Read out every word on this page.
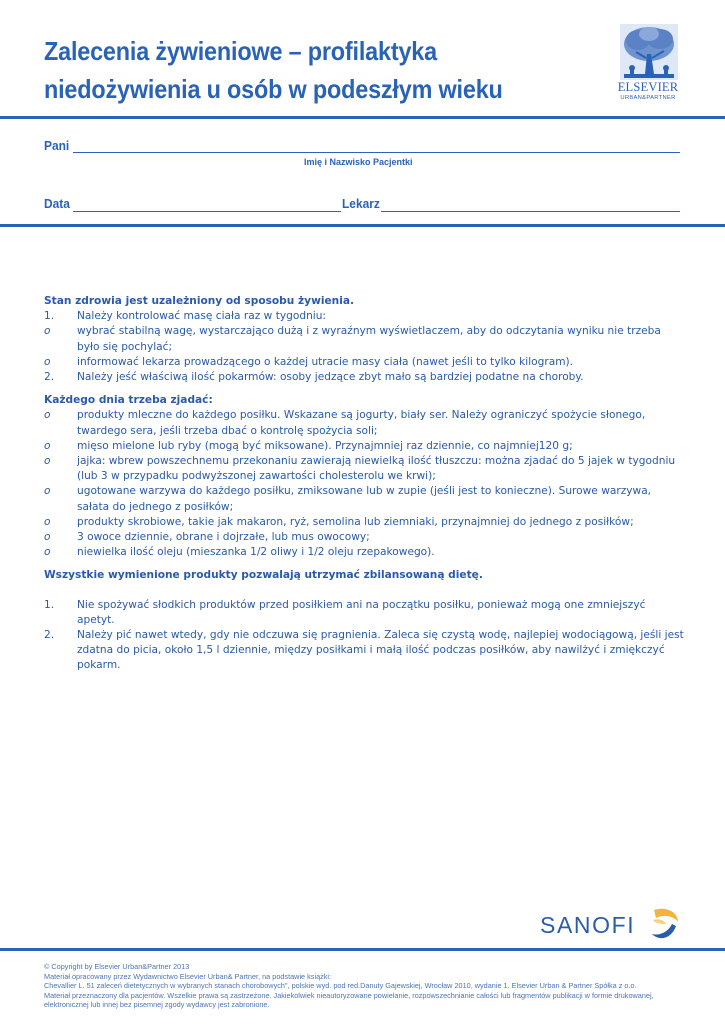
Zalecenia żywieniowe – profilaktyka
niedożywienia u osób w podeszłym wieku	ELSEVIER
URBAN&PARTNER
Pani
Imię i Nazwisko Pacjentki
Data	Lekarz
Stan zdrowia jest uzależniony od sposobu żywienia.
1. Należy kontrolować masę ciała raz w tygodniu:
o	wybrać stabilną wagę, wystarczająco dużą i z wyraźnym wyświetlaczem, aby do odczytania wyniku nie trzeba było się pochylać;
o	informować lekarza prowadzącego o każdej utracie masy ciała (nawet jeśli to tylko kilogram).
2. Należy jeść właściwą ilość pokarmów: osoby jedzące zbyt mało są bardziej podatne na choroby.
Każdego dnia trzeba zjadać:
o	produkty mleczne do każdego posiłku. Wskazane są jogurty, biały ser. Należy ograniczyć spożycie słonego, twardego sera, jeśli trzeba dbać o kontrolę spożycia soli;
o	mięso mielone lub ryby (mogą być miksowane). Przynajmniej raz dziennie, co najmniej120 g;
o	jajka: wbrew powszechnemu przekonaniu zawierają niewielką ilość tłuszczu: można zjadać do 5 jajek w tygodniu (lub 3 w przypadku podwyższonej zawartości cholesterolu we krwi);
o	ugotowane warzywa do każdego posiłku, zmiksowane lub w zupie (jeśli jest to konieczne). Surowe warzywa, sałata do jednego z posiłków;
o	produkty skrobiowe, takie jak makaron, ryż, semolina lub ziemniaki, przynajmniej do jednego z posiłków;
o	3 owoce dziennie, obrane i dojrzałe, lub mus owocowy;
o	niewielka ilość oleju (mieszanka 1/2 oliwy i 1/2 oleju rzepakowego).
Wszystkie wymienione produkty pozwalają utrzymać zbilansowaną dietę.
1. Nie spożywać słodkich produktów przed posiłkiem ani na początku posiłku, ponieważ mogą one zmniejszyć apetyt.
2. Należy pić nawet wtedy, gdy nie odczuwa się pragnienia. Zaleca się czystą wodę, najlepiej wodociągową, jeśli jest zdatna do picia, około 1,5 l dziennie, między posiłkami i małą ilość podczas posiłków, aby nawilżyć i zmiękczyć pokarm.
SANOFI
© Copyright by Elsevier Urban&Partner 2013
Materiał opracowany przez Wydawnictwo Elsevier Urban& Partner, na podstawie książki:
Chevallier L. 51 zaleceń dietetycznych w wybranych stanach chorobowych", polskie wyd. pod red.Danuty Gajewskiej, Wrocław 2010, wydanie 1. Elsevier Urban & Partner Spółka z o.o.
Materiał przeznaczony dla pacjentów. Wszelkie prawa są zastrzeżone. Jakiekolwiek nieautoryzowane powielanie, rozpowszechnianie całości lub fragmentów publikacji w formie drukowanej, elektronicznej lub innej bez pisemnej zgody wydawcy jest zabronione.
